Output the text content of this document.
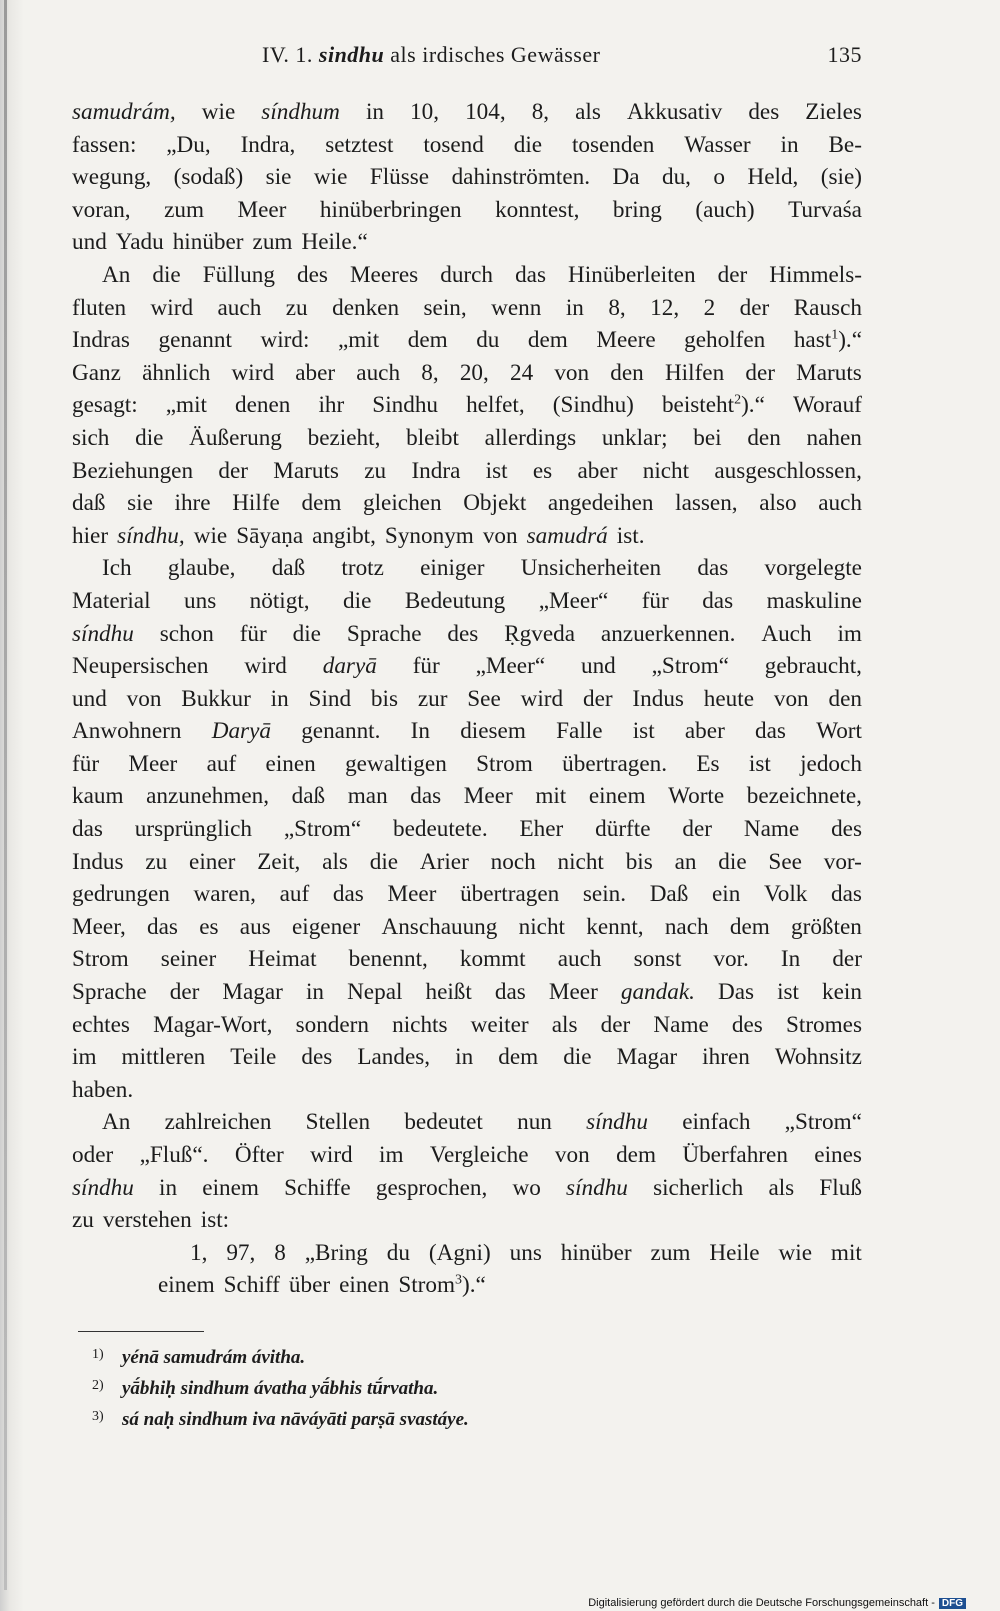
IV. 1. sindhu als irdisches Gewässer	135
samudrám, wie síndhum in 10, 104, 8, als Akkusativ des Zieles
fassen: „Du, Indra, setztest tosend die tosenden Wasser in Be-
wegung, (sodaß) sie wie Flüsse dahinströmten. Da du, o Held, (sie)
voran, zum Meer hinüberbringen konntest, bring (auch) Turvaśa
und Yadu hinüber zum Heile.“
An die Füllung des Meeres durch das Hinüberleiten der Himmels-
fluten wird auch zu denken sein, wenn in 8, 12, 2 der Rausch
Indras genannt wird: „mit dem du dem Meere geholfen hast$^1$).“
Ganz ähnlich wird aber auch 8, 20, 24 von den Hilfen der Maruts
gesagt: „mit denen ihr Sindhu helfet, (Sindhu) beisteht$^2$).“ Worauf
sich die Äußerung bezieht, bleibt allerdings unklar; bei den nahen
Beziehungen der Maruts zu Indra ist es aber nicht ausgeschlossen,
daß sie ihre Hilfe dem gleichen Objekt angedeihen lassen, also auch
hier síndhu, wie Sāyaṇa angibt, Synonym von samudrá ist.
Ich glaube, daß trotz einiger Unsicherheiten das vorgelegte
Material uns nötigt, die Bedeutung „Meer“ für das maskuline
síndhu schon für die Sprache des Ṛgveda anzuerkennen. Auch im
Neupersischen wird daryā für „Meer“ und „Strom“ gebraucht,
und von Bukkur in Sind bis zur See wird der Indus heute von den
Anwohnern Daryā genannt. In diesem Falle ist aber das Wort
für Meer auf einen gewaltigen Strom übertragen. Es ist jedoch
kaum anzunehmen, daß man das Meer mit einem Worte bezeichnete,
das ursprünglich „Strom“ bedeutete. Eher dürfte der Name des
Indus zu einer Zeit, als die Arier noch nicht bis an die See vor-
gedrungen waren, auf das Meer übertragen sein. Daß ein Volk das
Meer, das es aus eigener Anschauung nicht kennt, nach dem größten
Strom seiner Heimat benennt, kommt auch sonst vor. In der
Sprache der Magar in Nepal heißt das Meer gandak. Das ist kein
echtes Magar-Wort, sondern nichts weiter als der Name des Stromes
im mittleren Teile des Landes, in dem die Magar ihren Wohnsitz
haben.
An zahlreichen Stellen bedeutet nun síndhu einfach „Strom“
oder „Fluß“. Öfter wird im Vergleiche von dem Überfahren eines
síndhu in einem Schiffe gesprochen, wo síndhu sicherlich als Fluß
zu verstehen ist:
1, 97, 8 „Bring du (Agni) uns hinüber zum Heile wie mit
einem Schiff über einen Strom$^3$).“
1) yénā samudrám ávitha.
2) yā́bhiḥ sindhum ávatha yā́bhis tū́rvatha.
3) sá naḥ sindhum iva nāváyāti parṣā svastáye.
Digitalisierung gefördert durch die Deutsche Forschungsgemeinschaft - DFG
